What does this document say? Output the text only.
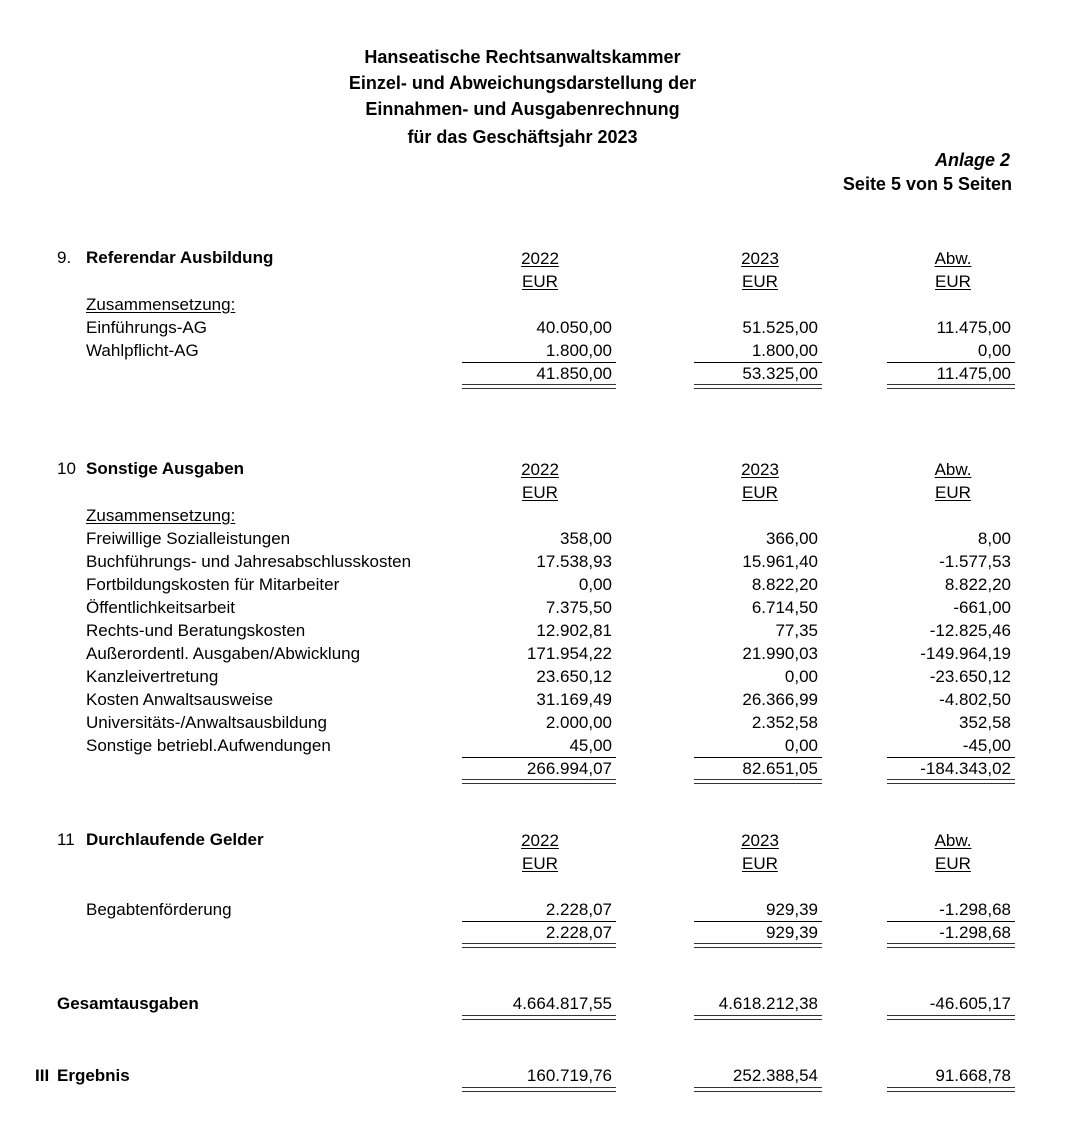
Hanseatische Rechtsanwaltskammer
Einzel- und Abweichungsdarstellung der
Einnahmen- und Ausgabenrechnung
für das Geschäftsjahr 2023
Anlage 2
Seite 5 von 5 Seiten
9. Referendar Ausbildung	2022	2023	Abw.
EUR	EUR	EUR
Zusammensetzung:
Einführungs-AG	40.050,00	51.525,00	11.475,00
Wahlpflicht-AG	1.800,00	1.800,00	0,00
41.850,00	53.325,00	11.475,00
10 Sonstige Ausgaben	2022	2023	Abw.
EUR	EUR	EUR
Zusammensetzung:
Freiwillige Sozialleistungen	358,00	366,00	8,00
Buchführungs- und Jahresabschlusskosten	17.538,93	15.961,40	-1.577,53
Fortbildungskosten für Mitarbeiter	0,00	8.822,20	8.822,20
Öffentlichkeitsarbeit	7.375,50	6.714,50	-661,00
Rechts-und Beratungskosten	12.902,81	77,35	-12.825,46
Außerordentl. Ausgaben/Abwicklung	171.954,22	21.990,03	-149.964,19
Kanzleivertretung	23.650,12	0,00	-23.650,12
Kosten Anwaltsausweise	31.169,49	26.366,99	-4.802,50
Universitäts-/Anwaltsausbildung	2.000,00	2.352,58	352,58
Sonstige betriebl.Aufwendungen	45,00	0,00	-45,00
266.994,07	82.651,05	-184.343,02
11 Durchlaufende Gelder	2022	2023	Abw.
EUR	EUR	EUR
Begabtenförderung	2.228,07	929,39	-1.298,68
2.228,07	929,39	-1.298,68
Gesamtausgaben	4.664.817,55	4.618.212,38	-46.605,17
III Ergebnis	160.719,76	252.388,54	91.668,78
